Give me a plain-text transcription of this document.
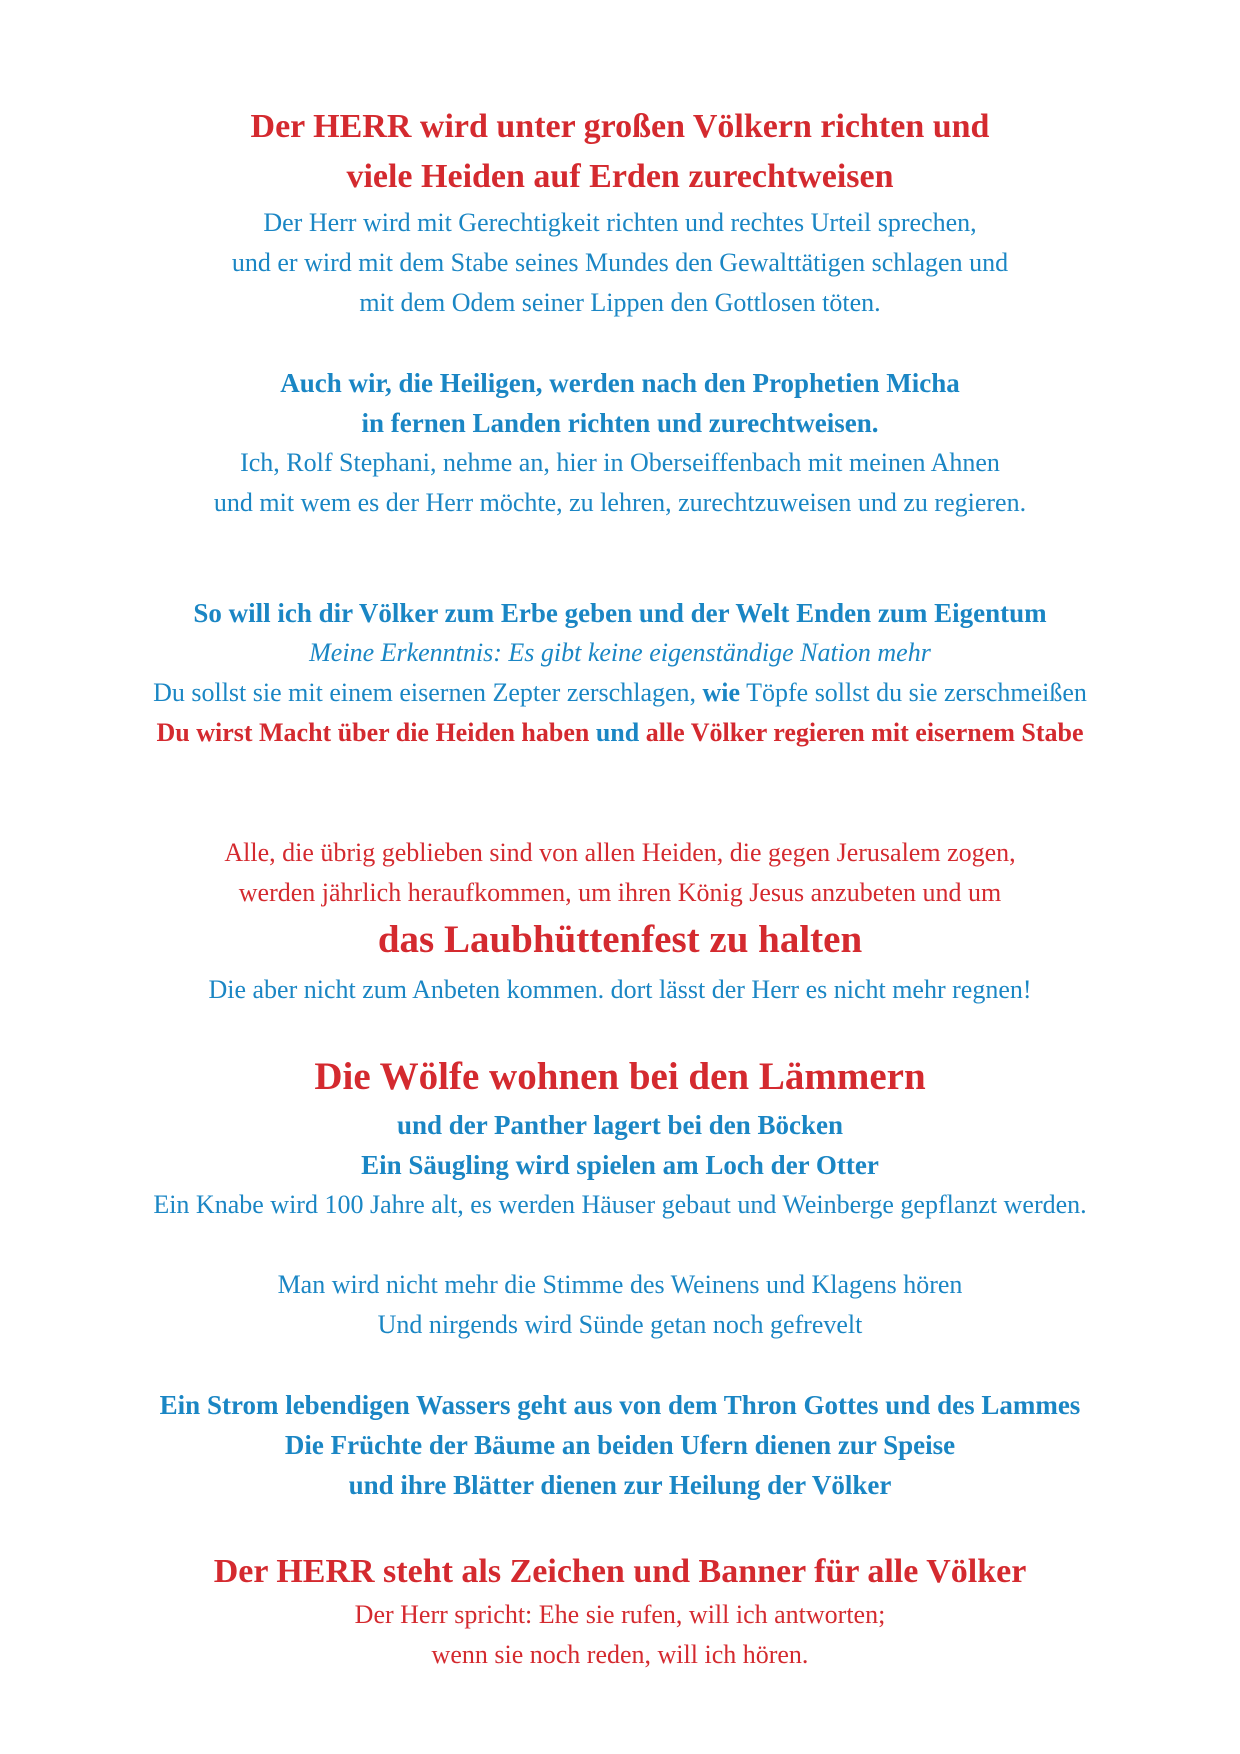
Der HERR wird unter großen Völkern richten und
viele Heiden auf Erden zurechtweisen
Der Herr wird mit Gerechtigkeit richten und rechtes Urteil sprechen,
und er wird mit dem Stabe seines Mundes den Gewalttätigen schlagen und
mit dem Odem seiner Lippen den Gottlosen töten.
Auch wir, die Heiligen, werden nach den Prophetien Micha
in fernen Landen richten und zurechtweisen.
Ich, Rolf Stephani, nehme an, hier in Oberseiffenbach mit meinen Ahnen
und mit wem es der Herr möchte, zu lehren, zurechtzuweisen und zu regieren.
So will ich dir Völker zum Erbe geben und der Welt Enden zum Eigentum
Meine Erkenntnis: Es gibt keine eigenständige Nation mehr
Du sollst sie mit einem eisernen Zepter zerschlagen, wie Töpfe sollst du sie zerschmeißen
Du wirst Macht über die Heiden haben und alle Völker regieren mit eisernem Stabe
Alle, die übrig geblieben sind von allen Heiden, die gegen Jerusalem zogen,
werden jährlich heraufkommen, um ihren König Jesus anzubeten und um
das Laubhüttenfest zu halten
Die aber nicht zum Anbeten kommen. dort lässt der Herr es nicht mehr regnen!
Die Wölfe wohnen bei den Lämmern
und der Panther lagert bei den Böcken
Ein Säugling wird spielen am Loch der Otter
Ein Knabe wird 100 Jahre alt, es werden Häuser gebaut und Weinberge gepflanzt werden.
Man wird nicht mehr die Stimme des Weinens und Klagens hören
Und nirgends wird Sünde getan noch gefrevelt
Ein Strom lebendigen Wassers geht aus von dem Thron Gottes und des Lammes
Die Früchte der Bäume an beiden Ufern dienen zur Speise
und ihre Blätter dienen zur Heilung der Völker
Der HERR steht als Zeichen und Banner für alle Völker
Der Herr spricht: Ehe sie rufen, will ich antworten;
wenn sie noch reden, will ich hören.
